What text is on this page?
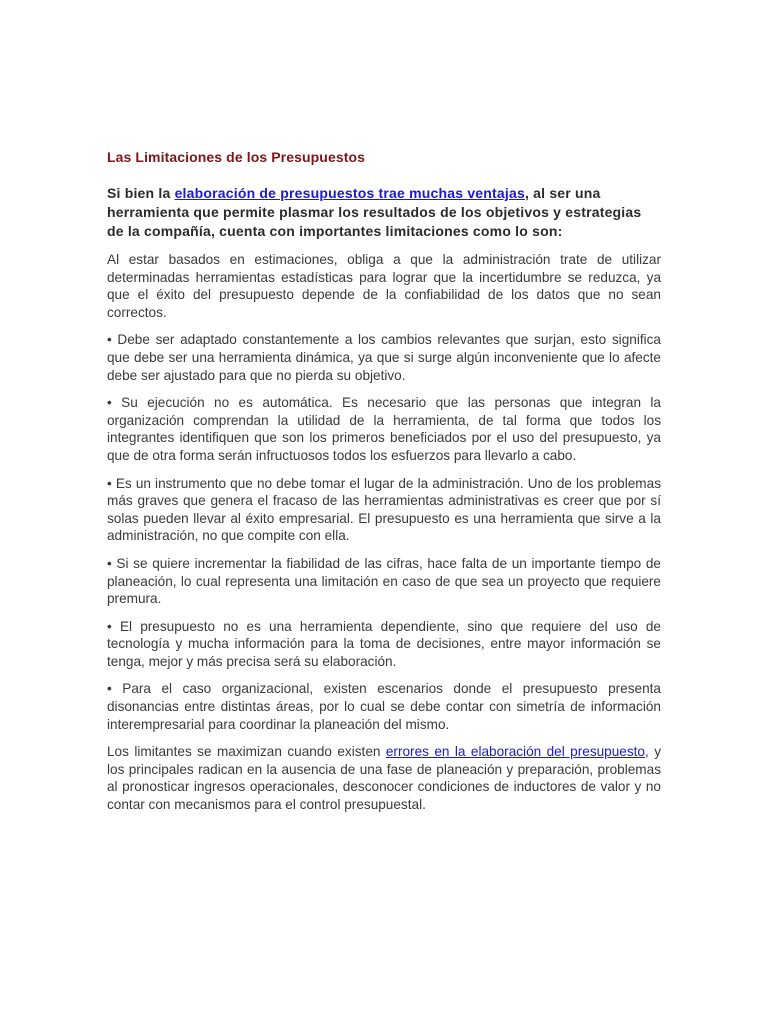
Las Limitaciones de los Presupuestos

Si bien la elaboración de presupuestos trae muchas ventajas, al ser una herramienta que permite plasmar los resultados de los objetivos y estrategias de la compañía, cuenta con importantes limitaciones como lo son:

Al estar basados en estimaciones, obliga a que la administración trate de utilizar determinadas herramientas estadísticas para lograr que la incertidumbre se reduzca, ya que el éxito del presupuesto depende de la confiabilidad de los datos que no sean correctos.

• Debe ser adaptado constantemente a los cambios relevantes que surjan, esto significa que debe ser una herramienta dinámica, ya que si surge algún inconveniente que lo afecte debe ser ajustado para que no pierda su objetivo.

• Su ejecución no es automática. Es necesario que las personas que integran la organización comprendan la utilidad de la herramienta, de tal forma que todos los integrantes identifiquen que son los primeros beneficiados por el uso del presupuesto, ya que de otra forma serán infructuosos todos los esfuerzos para llevarlo a cabo.

• Es un instrumento que no debe tomar el lugar de la administración. Uno de los problemas más graves que genera el fracaso de las herramientas administrativas es creer que por sí solas pueden llevar al éxito empresarial. El presupuesto es una herramienta que sirve a la administración, no que compite con ella.

• Si se quiere incrementar la fiabilidad de las cifras, hace falta de un importante tiempo de planeación, lo cual representa una limitación en caso de que sea un proyecto que requiere premura.

• El presupuesto no es una herramienta dependiente, sino que requiere del uso de tecnología y mucha información para la toma de decisiones, entre mayor información se tenga, mejor y más precisa será su elaboración.

• Para el caso organizacional, existen escenarios donde el presupuesto presenta disonancias entre distintas áreas, por lo cual se debe contar con simetría de información interempresarial para coordinar la planeación del mismo.

Los limitantes se maximizan cuando existen errores en la elaboración del presupuesto, y los principales radican en la ausencia de una fase de planeación y preparación, problemas al pronosticar ingresos operacionales, desconocer condiciones de inductores de valor y no contar con mecanismos para el control presupuestal.
